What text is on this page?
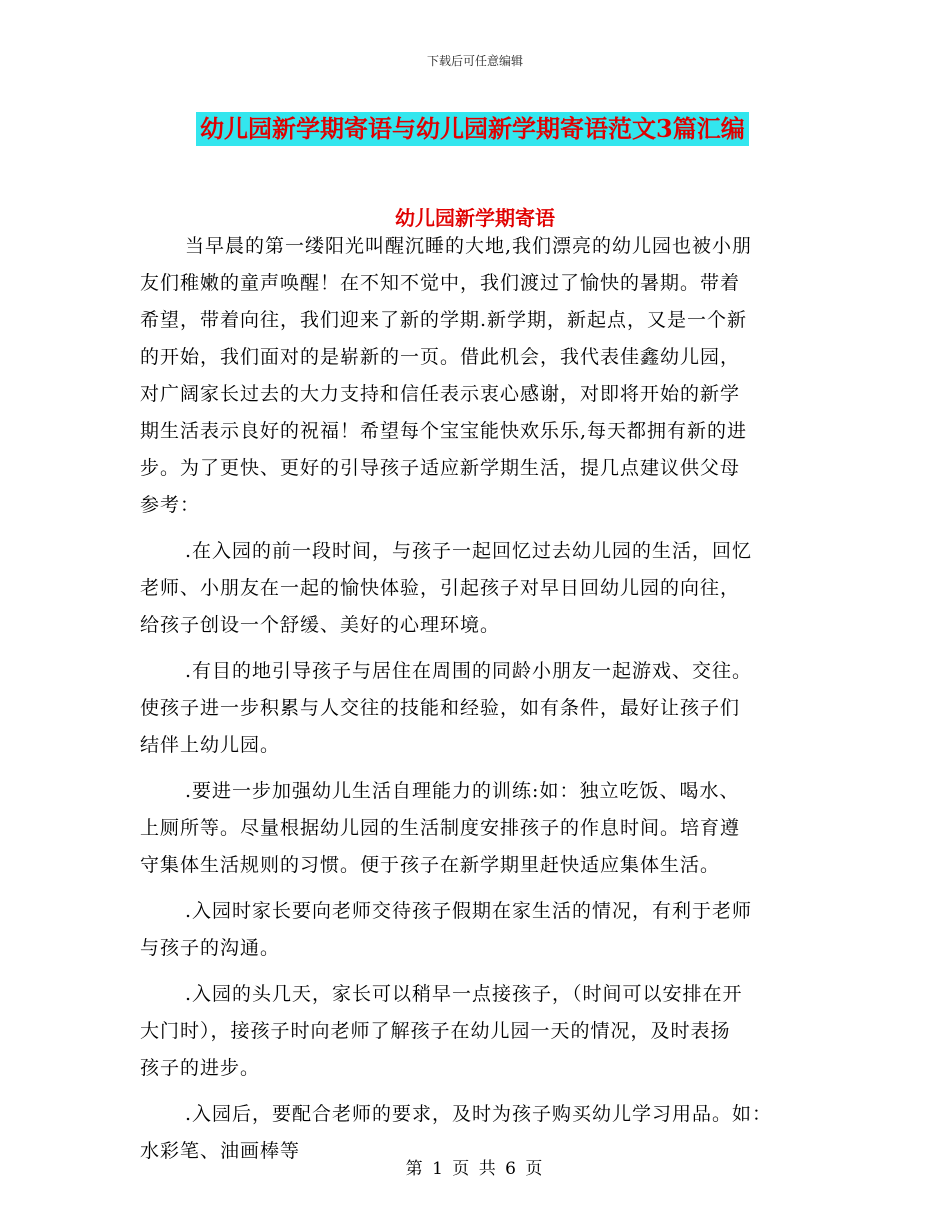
下载后可任意编辑
幼儿园新学期寄语与幼儿园新学期寄语范文3篇汇编
幼儿园新学期寄语
当早晨的第一缕阳光叫醒沉睡的大地,我们漂亮的幼儿园也被小朋
友们稚嫩的童声唤醒！在不知不觉中，我们渡过了愉快的暑期。带着
希望，带着向往，我们迎来了新的学期.新学期，新起点，又是一个新
的开始，我们面对的是崭新的一页。借此机会，我代表佳鑫幼儿园，
对广阔家长过去的大力支持和信任表示衷心感谢，对即将开始的新学
期生活表示良好的祝福！希望每个宝宝能快欢乐乐,每天都拥有新的进
步。为了更快、更好的引导孩子适应新学期生活，提几点建议供父母
参考：
.在入园的前一段时间，与孩子一起回忆过去幼儿园的生活，回忆
老师、小朋友在一起的愉快体验，引起孩子对早日回幼儿园的向往，
给孩子创设一个舒缓、美好的心理环境。
.有目的地引导孩子与居住在周围的同龄小朋友一起游戏、交往。
使孩子进一步积累与人交往的技能和经验，如有条件，最好让孩子们
结伴上幼儿园。
.要进一步加强幼儿生活自理能力的训练:如：独立吃饭、喝水、
上厕所等。尽量根据幼儿园的生活制度安排孩子的作息时间。培育遵
守集体生活规则的习惯。便于孩子在新学期里赶快适应集体生活。
.入园时家长要向老师交待孩子假期在家生活的情况，有利于老师
与孩子的沟通。
.入园的头几天，家长可以稍早一点接孩子，（时间可以安排在开
大门时），接孩子时向老师了解孩子在幼儿园一天的情况，及时表扬
孩子的进步。
.入园后，要配合老师的要求，及时为孩子购买幼儿学习用品。如：
水彩笔、油画棒等
第 1 页 共 6 页
